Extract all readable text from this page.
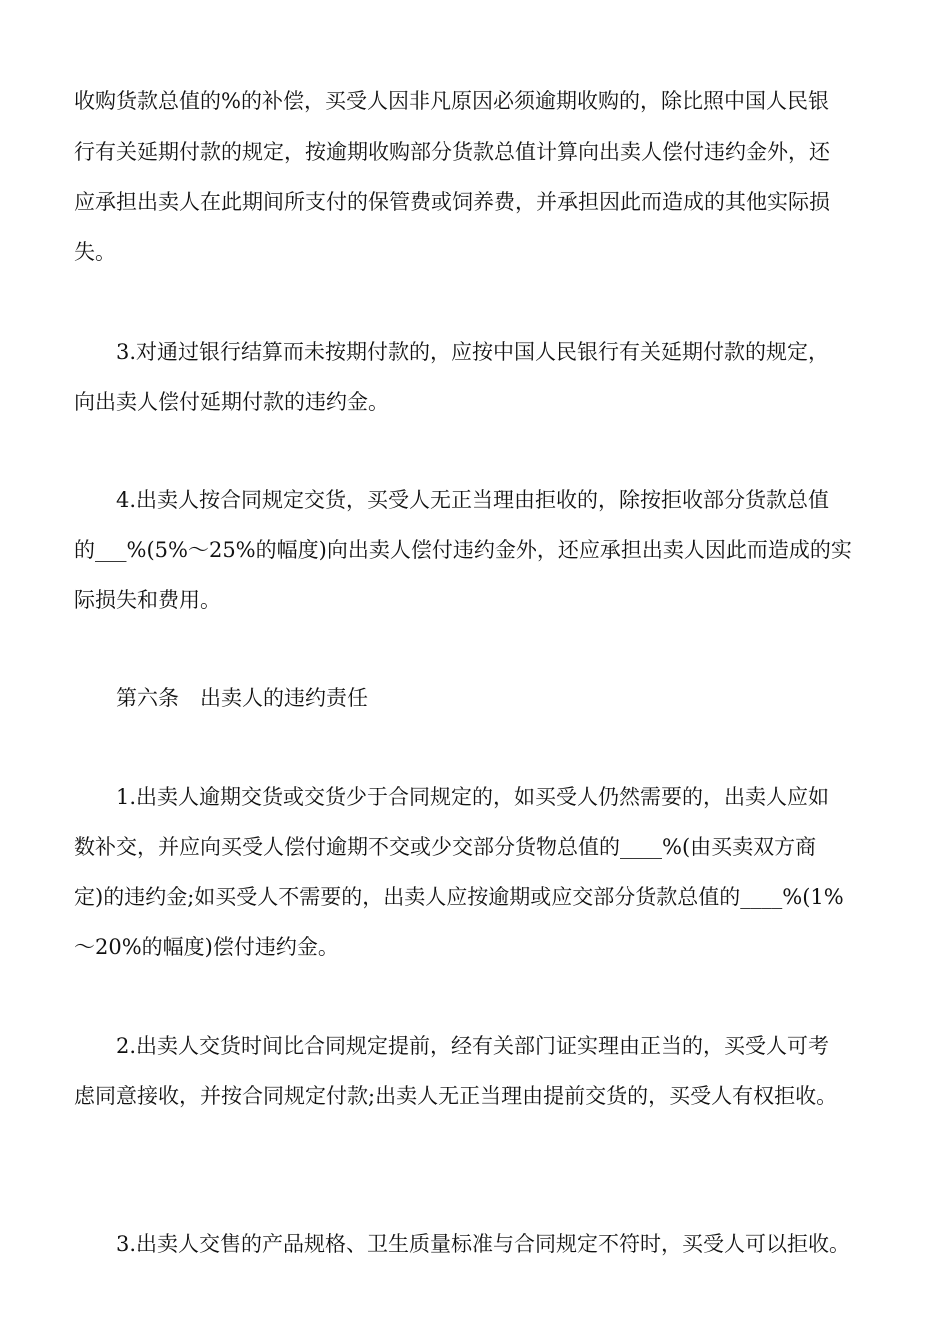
收购货款总值的%的补偿，买受人因非凡原因必须逾期收购的，除比照中国人民银

行有关延期付款的规定，按逾期收购部分货款总值计算向出卖人偿付违约金外，还

应承担出卖人在此期间所支付的保管费或饲养费，并承担因此而造成的其他实际损

失。

3.对通过银行结算而未按期付款的，应按中国人民银行有关延期付款的规定，

向出卖人偿付延期付款的违约金。

4.出卖人按合同规定交货，买受人无正当理由拒收的，除按拒收部分货款总值

的___%(5%～25%的幅度)向出卖人偿付违约金外，还应承担出卖人因此而造成的实

际损失和费用。

第六条　出卖人的违约责任

1.出卖人逾期交货或交货少于合同规定的，如买受人仍然需要的，出卖人应如

数补交，并应向买受人偿付逾期不交或少交部分货物总值的____%(由买卖双方商

定)的违约金;如买受人不需要的，出卖人应按逾期或应交部分货款总值的____%(1%

～20%的幅度)偿付违约金。

2.出卖人交货时间比合同规定提前，经有关部门证实理由正当的，买受人可考

虑同意接收，并按合同规定付款;出卖人无正当理由提前交货的，买受人有权拒收。

3.出卖人交售的产品规格、卫生质量标准与合同规定不符时，买受人可以拒收。
